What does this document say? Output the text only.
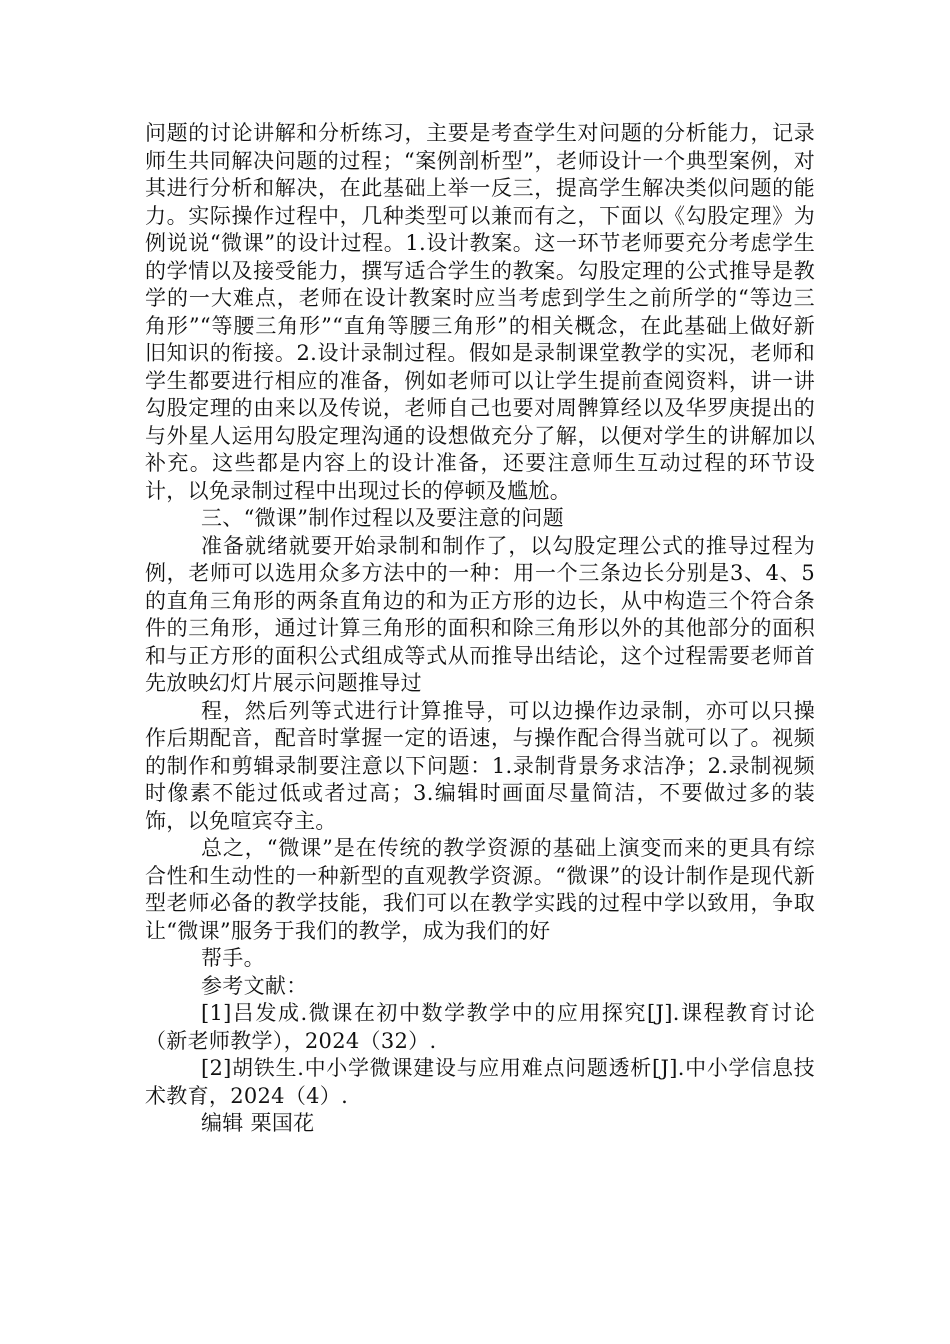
问题的讨论讲解和分析练习，主要是考查学生对问题的分析能力，记录师生共同解决问题的过程；“案例剖析型”，老师设计一个典型案例，对其进行分析和解决，在此基础上举一反三，提高学生解决类似问题的能力。实际操作过程中，几种类型可以兼而有之，下面以《勾股定理》为例说说“微课”的设计过程。1.设计教案。这一环节老师要充分考虑学生的学情以及接受能力，撰写适合学生的教案。勾股定理的公式推导是教学的一大难点，老师在设计教案时应当考虑到学生之前所学的“等边三角形”“等腰三角形”“直角等腰三角形”的相关概念，在此基础上做好新旧知识的衔接。2.设计录制过程。假如是录制课堂教学的实况，老师和学生都要进行相应的准备，例如老师可以让学生提前查阅资料，讲一讲勾股定理的由来以及传说，老师自己也要对周髀算经以及华罗庚提出的与外星人运用勾股定理沟通的设想做充分了解，以便对学生的讲解加以补充。这些都是内容上的设计准备，还要注意师生互动过程的环节设计，以免录制过程中出现过长的停顿及尴尬。

三、“微课”制作过程以及要注意的问题

准备就绪就要开始录制和制作了，以勾股定理公式的推导过程为例，老师可以选用众多方法中的一种：用一个三条边长分别是3、4、5的直角三角形的两条直角边的和为正方形的边长，从中构造三个符合条件的三角形，通过计算三角形的面积和除三角形以外的其他部分的面积和与正方形的面积公式组成等式从而推导出结论，这个过程需要老师首先放映幻灯片展示问题推导过

程，然后列等式进行计算推导，可以边操作边录制，亦可以只操作后期配音，配音时掌握一定的语速，与操作配合得当就可以了。视频的制作和剪辑录制要注意以下问题：1.录制背景务求洁净；2.录制视频时像素不能过低或者过高；3.编辑时画面尽量简洁，不要做过多的装饰，以免喧宾夺主。

总之，“微课”是在传统的教学资源的基础上演变而来的更具有综合性和生动性的一种新型的直观教学资源。“微课”的设计制作是现代新型老师必备的教学技能，我们可以在教学实践的过程中学以致用，争取让“微课”服务于我们的教学，成为我们的好

帮手。

参考文献：

[1]吕发成.微课在初中数学教学中的应用探究[J].课程教育讨论（新老师教学），2024（32）.

[2]胡铁生.中小学微课建设与应用难点问题透析[J].中小学信息技术教育，2024（4）.

编辑 栗国花
